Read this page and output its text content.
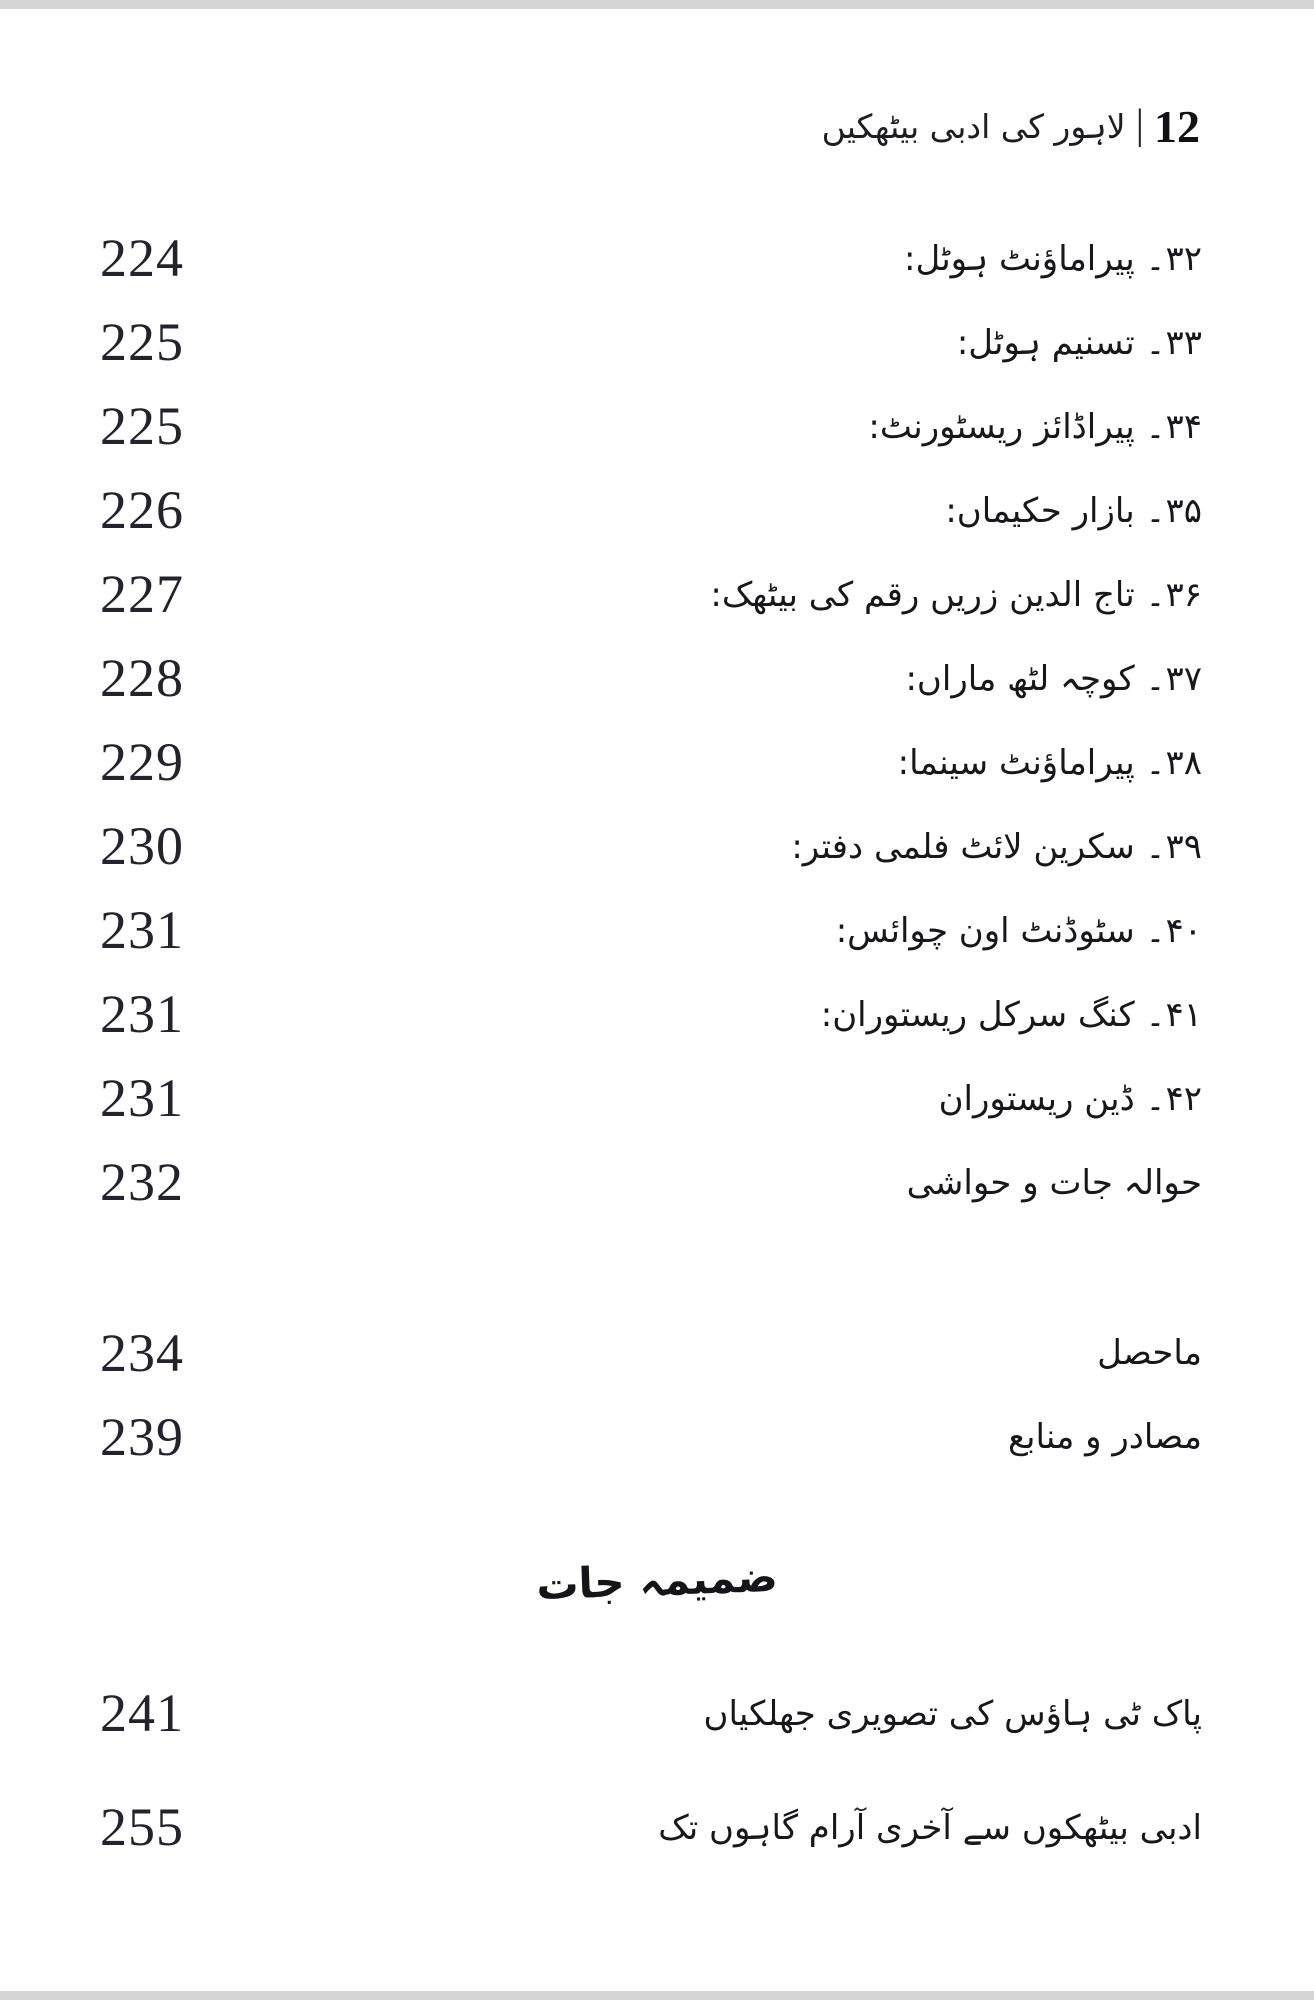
12
|
لاہور کی ادبی بیٹھکیں
224	۳۲۔ پیراماؤنٹ ہوٹل:
225	۳۳۔ تسنیم ہوٹل:
225	۳۴۔ پیراڈائز ریسٹورنٹ:
226	۳۵۔ بازار حکیماں:
227	۳۶۔ تاج الدین زریں رقم کی بیٹھک:
228	۳۷۔ کوچہ لٹھ ماراں:
229	۳۸۔ پیراماؤنٹ سینما:
230	۳۹۔ سکرین لائٹ فلمی دفتر:
231	۴۰۔ سٹوڈنٹ اون چوائس:
231	۴۱۔ کنگ سرکل ریستوران:
231	۴۲۔ ڈین ریستوران
232	حوالہ جات و حواشی
234	ماحصل
239	مصادر و منابع
ضمیمہ جات
241	پاک ٹی ہاؤس کی تصویری جھلکیاں
255	ادبی بیٹھکوں سے آخری آرام گاہوں تک
